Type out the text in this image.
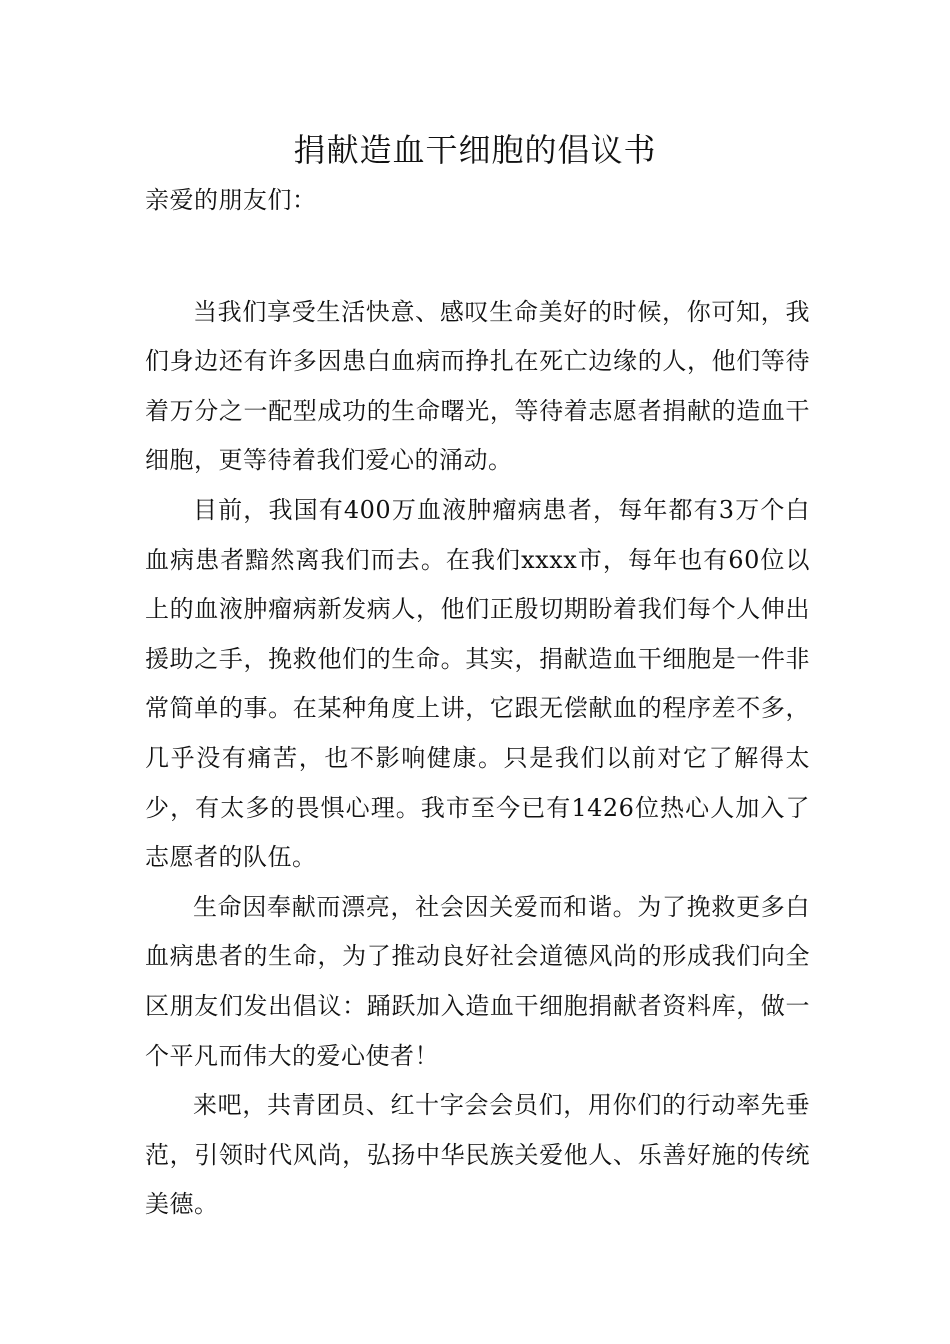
捐献造血干细胞的倡议书

亲爱的朋友们：

当我们享受生活快意、感叹生命美好的时候，你可知，我们身边还有许多因患白血病而挣扎在死亡边缘的人，他们等待着万分之一配型成功的生命曙光，等待着志愿者捐献的造血干细胞，更等待着我们爱心的涌动。

目前，我国有400万血液肿瘤病患者，每年都有3万个白血病患者黯然离我们而去。在我们xxxx市，每年也有60位以上的血液肿瘤病新发病人，他们正殷切期盼着我们每个人伸出援助之手，挽救他们的生命。其实，捐献造血干细胞是一件非常简单的事。在某种角度上讲，它跟无偿献血的程序差不多，几乎没有痛苦，也不影响健康。只是我们以前对它了解得太少，有太多的畏惧心理。我市至今已有1426位热心人加入了志愿者的队伍。

生命因奉献而漂亮，社会因关爱而和谐。为了挽救更多白血病患者的生命，为了推动良好社会道德风尚的形成我们向全区朋友们发出倡议：踊跃加入造血干细胞捐献者资料库，做一个平凡而伟大的爱心使者！

来吧，共青团员、红十字会会员们，用你们的行动率先垂范，引领时代风尚，弘扬中华民族关爱他人、乐善好施的传统美德。
